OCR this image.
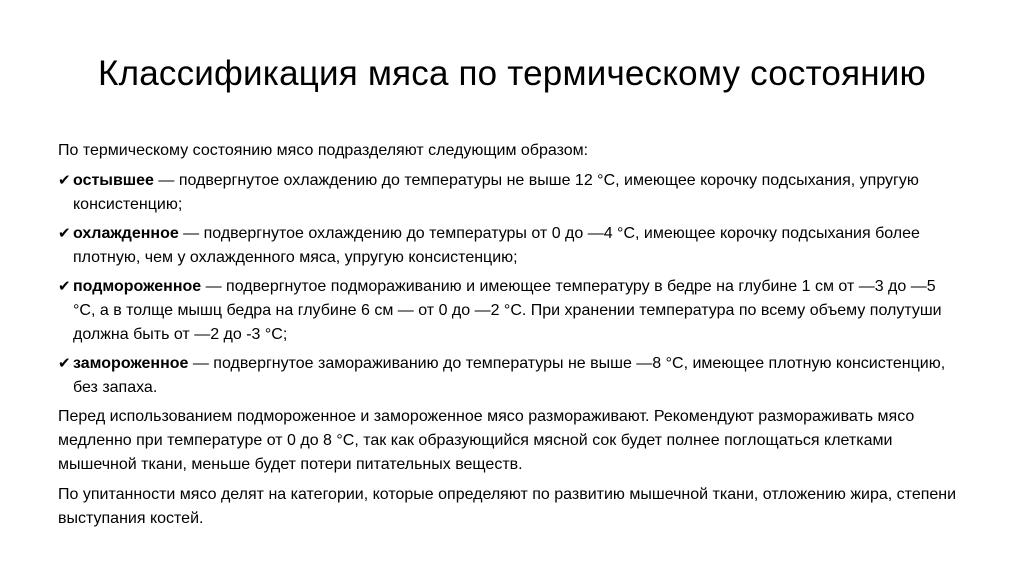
Классификация мяса по термическому состоянию

По термическому состоянию мясо подразделяют следующим образом:

✔ остывшее — подвергнутое охлаждению до температуры не выше 12 °С, имеющее корочку подсыхания, упругую консистенцию;
✔ охлажденное — подвергнутое охлаждению до температуры от 0 до —4 °С, имеющее корочку подсыхания более плотную, чем у охлажденного мяса, упругую консистенцию;
✔ подмороженное — подвергнутое подмораживанию и имеющее температуру в бедре на глубине 1 см от —3 до —5 °С, а в толще мышц бедра на глубине 6 см — от 0 до —2 °С. При хранении температура по всему объему полутуши должна быть от —2 до -3 °С;
✔ замороженное — подвергнутое замораживанию до температуры не выше —8 °С, имеющее плотную консистенцию, без запаха.

Перед использованием подмороженное и замороженное мясо размораживают. Рекомендуют размораживать мясо медленно при температуре от 0 до 8 °С, так как образующийся мясной сок будет полнее поглощаться клетками мышечной ткани, меньше будет потери питательных веществ.

По упитанности мясо делят на категории, которые определяют по развитию мышечной ткани, отложению жира, степени выступания костей.
